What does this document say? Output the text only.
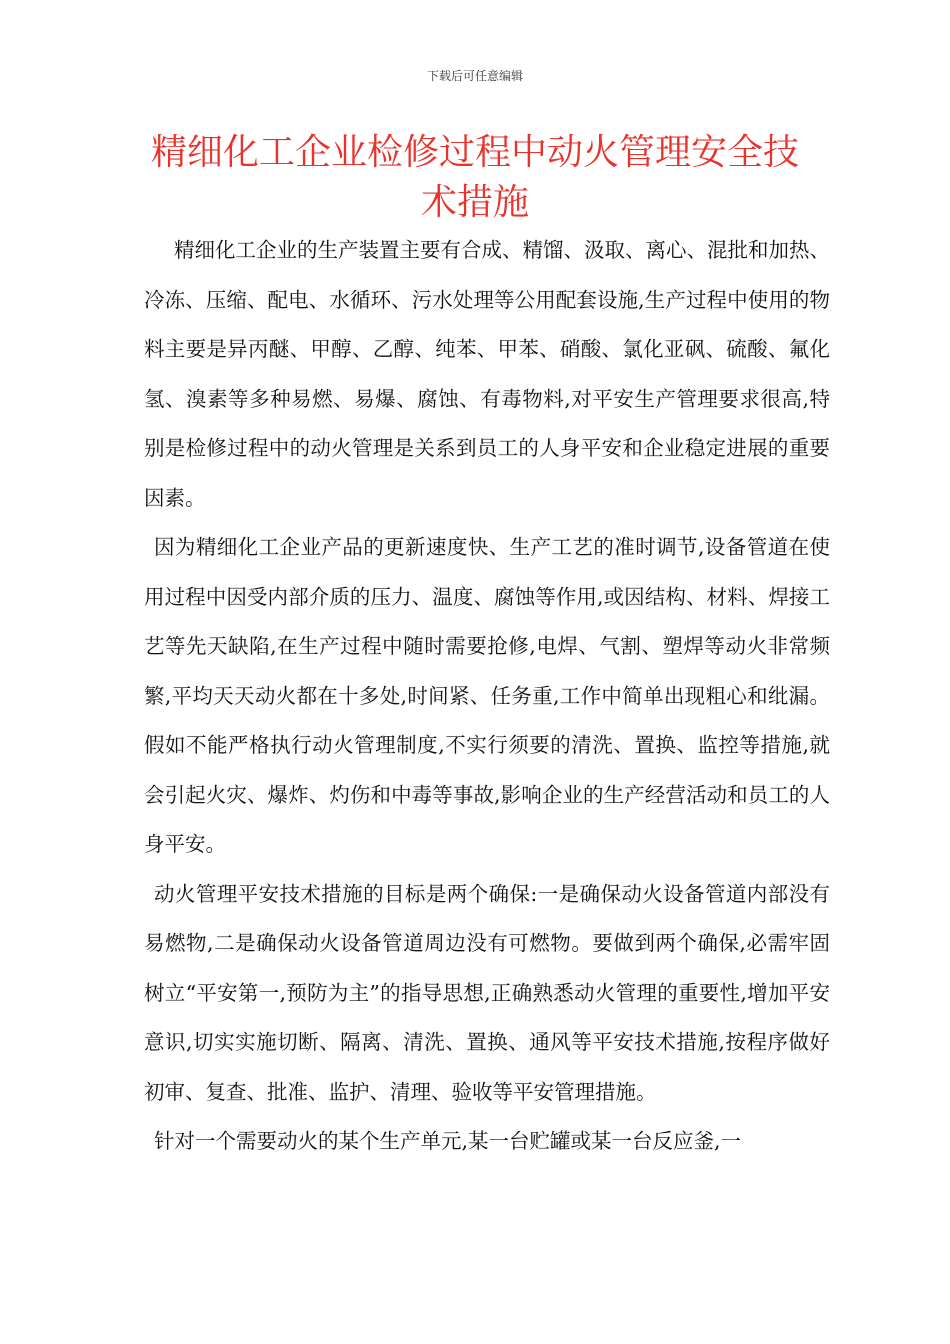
下载后可任意编辑
精细化工企业检修过程中动火管理安全技
术措施

精细化工企业的生产装置主要有合成、精馏、汲取、离心、混批和加热、冷冻、压缩、配电、水循环、污水处理等公用配套设施,生产过程中使用的物料主要是异丙醚、甲醇、乙醇、纯苯、甲苯、硝酸、氯化亚砜、硫酸、氟化氢、溴素等多种易燃、易爆、腐蚀、有毒物料,对平安生产管理要求很高,特别是检修过程中的动火管理是关系到员工的人身平安和企业稳定进展的重要因素。

因为精细化工企业产品的更新速度快、生产工艺的准时调节,设备管道在使用过程中因受内部介质的压力、温度、腐蚀等作用,或因结构、材料、焊接工艺等先天缺陷,在生产过程中随时需要抢修,电焊、气割、塑焊等动火非常频繁,平均天天动火都在十多处,时间紧、任务重,工作中简单出现粗心和纰漏。假如不能严格执行动火管理制度,不实行须要的清洗、置换、监控等措施,就会引起火灾、爆炸、灼伤和中毒等事故,影响企业的生产经营活动和员工的人身平安。

动火管理平安技术措施的目标是两个确保:一是确保动火设备管道内部没有易燃物,二是确保动火设备管道周边没有可燃物。要做到两个确保,必需牢固树立“平安第一,预防为主”的指导思想,正确熟悉动火管理的重要性,增加平安意识,切实实施切断、隔离、清洗、置换、通风等平安技术措施,按程序做好初审、复查、批准、监护、清理、验收等平安管理措施。

针对一个需要动火的某个生产单元,某一台贮罐或某一台反应釜,一
